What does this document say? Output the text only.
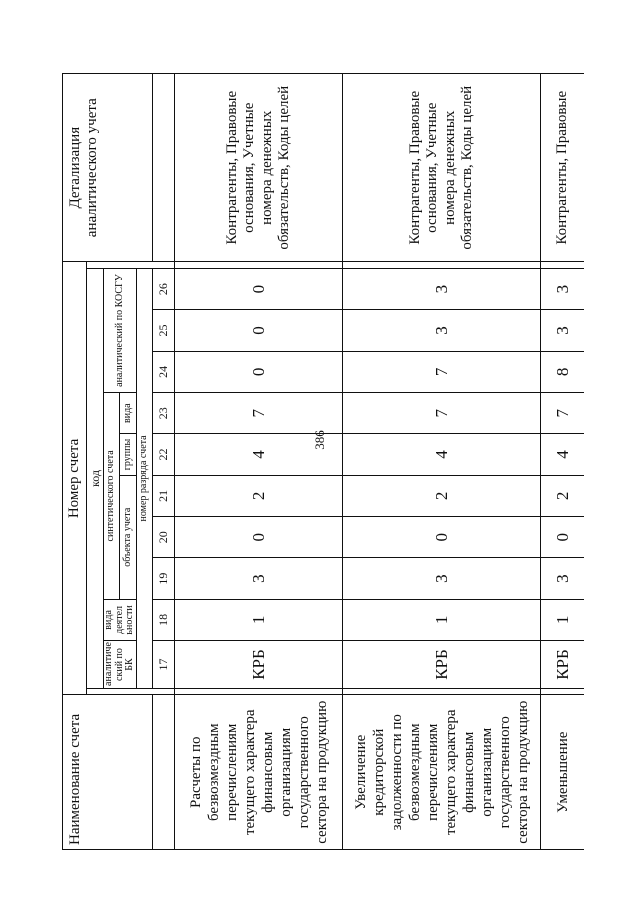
386
Наименование счета	Номер счета												Детализация аналитического учета
		код											
		аналитиче ский по БК	вида деятел ьности	синтетического счета					аналитический по КОСГУ				
				объекта учета			группы	вида					
		номер разряда счета											
		17	18	19	20	21	22	23	24	25	26		
Расчеты по безвозмездным перечислениям текущего характера финансовым организациям государственного сектора на продукцию		КРБ	1	3	0	2	4	7	0	0	0		Контрагенты, Правовые основания, Учетные номера денежных обязательств, Коды целей
Увеличение кредиторской задолженности по безвозмездным перечислениям текущего характера финансовым организациям государственного сектора на продукцию		КРБ	1	3	0	2	4	7	7	3	3		Контрагенты, Правовые основания, Учетные номера денежных обязательств, Коды целей
Уменьшение		КРБ	1	3	0	2	4	7	8	3	3		Контрагенты, Правовые
